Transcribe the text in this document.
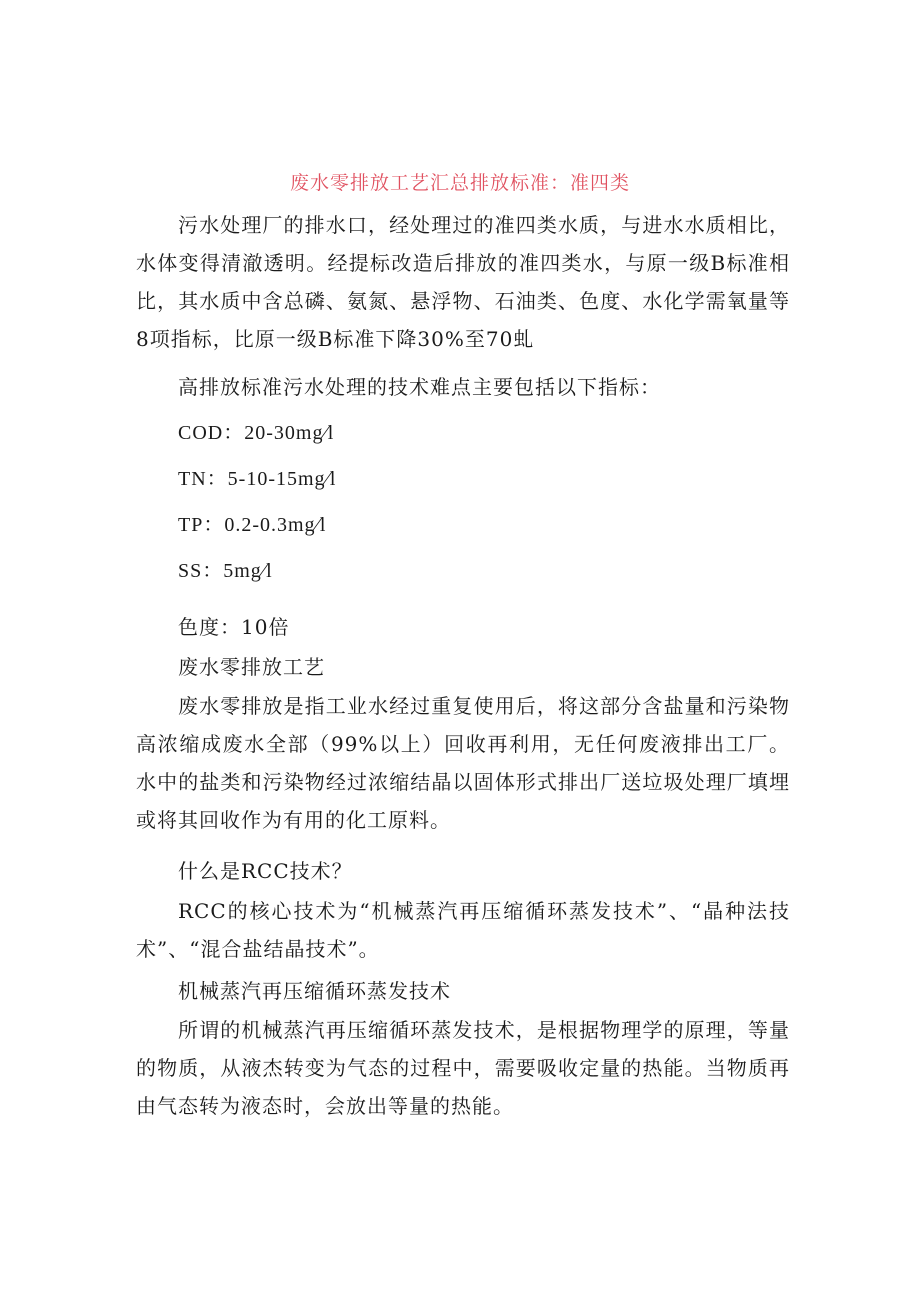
废水零排放工艺汇总排放标准：准四类
污水处理厂的排水口，经处理过的准四类水质，与进水水质相比，水体变得清澈透明。经提标改造后排放的准四类水，与原一级B标准相比，其水质中含总磷、氨氮、悬浮物、石油类、色度、水化学需氧量等8项指标，比原一级B标准下降30%至70虬
高排放标准污水处理的技术难点主要包括以下指标：
COD：20-30mg∕l
TN：5-10-15mg∕l
TP：0.2-0.3mg∕l
SS：5mg∕l
色度：10倍
废水零排放工艺
废水零排放是指工业水经过重复使用后，将这部分含盐量和污染物高浓缩成废水全部（99%以上）回收再利用，无任何废液排出工厂。水中的盐类和污染物经过浓缩结晶以固体形式排出厂送垃圾处理厂填埋或将其回收作为有用的化工原料。
什么是RCC技术？
RCC的核心技术为“机械蒸汽再压缩循环蒸发技术”、“晶种法技术”、“混合盐结晶技术”。
机械蒸汽再压缩循环蒸发技术
所谓的机械蒸汽再压缩循环蒸发技术，是根据物理学的原理，等量的物质，从液杰转变为气态的过程中，需要吸收定量的热能。当物质再由气态转为液态时，会放出等量的热能。
